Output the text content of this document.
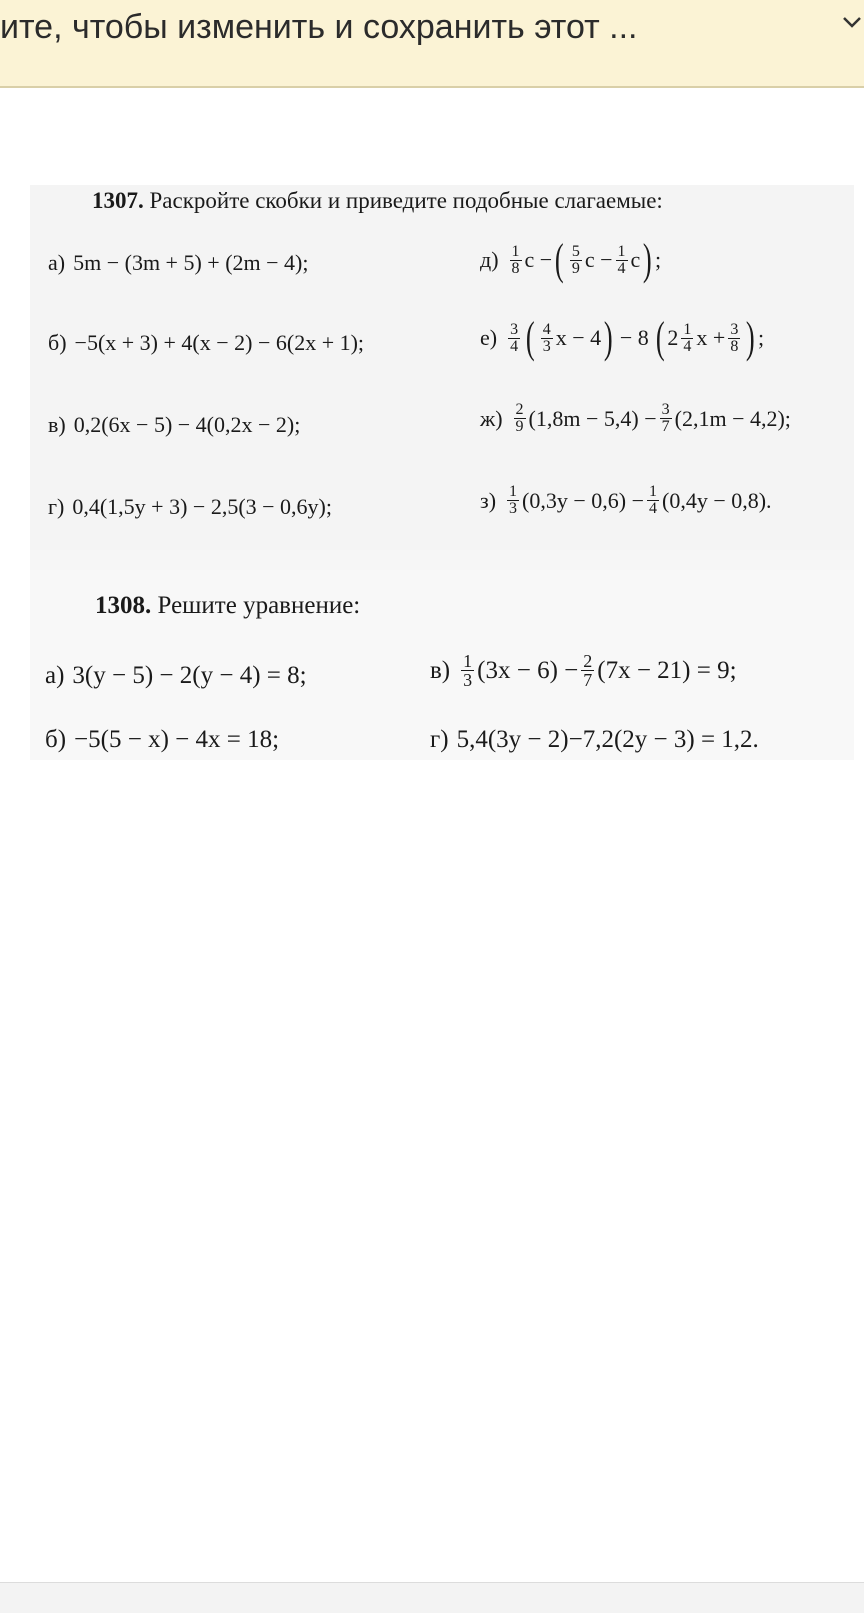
ите, чтобы изменить и сохранить этот ...
1307. Раскройте скобки и приведите подобные слагаемые:
а) 5m − (3m + 5) + (2m − 4);
б) −5(x + 3) + 4(x − 2) − 6(2x + 1);
в) 0,2(6x − 5) − 4(0,2x − 2);
г) 0,4(1,5y + 3) − 2,5(3 − 0,6y);
$д) \frac{1}{8}$ c − ( $\frac{5}{9}$ $c - \frac{1}{4}$ c ) ;
$е) \frac{3}{4}$ ( $\frac{4}{3}$ x − 4 ) − 8 ( $2 \frac{1}{4}$ $x + \frac{3}{8}$ ) ;
$ж) \frac{2}{9} (1,8m - 5,4) - \frac{3}{7} (2,1m - 4,2)$;
$з) \frac{1}{3} (0,3y - 0,6) - \frac{1}{4} (0,4y - 0,8)$.
1308. Решите уравнение:
а) 3(y − 5) − 2(y − 4) = 8;
б) −5(5 − x) − 4x = 18;
$в) \frac{1}{3} (3x - 6) - \frac{2}{7} (7x - 21) = 9$;
г) 5,4(3y − 2)−7,2(2y − 3) = 1,2.
